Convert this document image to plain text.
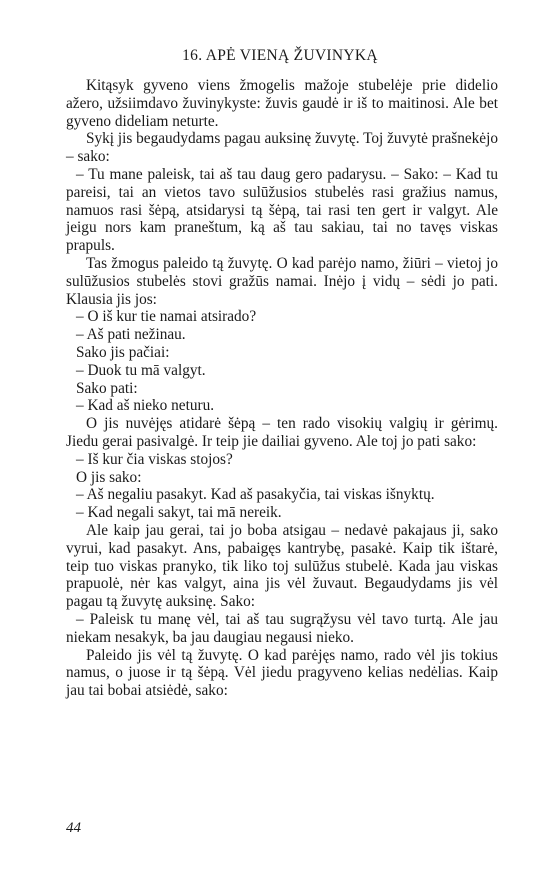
16. APĖ VIENĄ ŽUVINYKĄ

Kitąsyk gyveno viens žmogelis mažoje stubelėje prie didelio ažero, užsiimdavo žuvinykyste: žuvis gaudė ir iš to maitinosi. Ale bet gyveno dideliam neturte.

Sykį jis begaudydams pagau auksinę žuvytę. Toj žuvytė prašnekėjo – sako:

– Tu mane paleisk, tai aš tau daug gero padarysu. – Sako: – Kad tu pareisi, tai an vietos tavo sulūžusios stubelės rasi gražius namus, namuos rasi šėpą, atsidarysi tą šėpą, tai rasi ten gert ir valgyt. Ale jeigu nors kam praneštum, ką aš tau sakiau, tai no tavęs viskas prapuls.

Tas žmogus paleido tą žuvytę. O kad parėjo namo, žiūri – vietoj jo sulūžusios stubelės stovi gražūs namai. Inėjo į vidų – sėdi jo pati. Klausia jis jos:

– O iš kur tie namai atsirado?

– Aš pati nežinau.

Sako jis pačiai:

– Duok tu mā valgyt.

Sako pati:

– Kad aš nieko neturu.

O jis nuvėjęs atidarė šėpą – ten rado visokių valgių ir gėrimų. Jiedu gerai pasivalgė. Ir teip jie dailiai gyveno. Ale toj jo pati sako:

– Iš kur čia viskas stojos?

O jis sako:

– Aš negaliu pasakyt. Kad aš pasakyčia, tai viskas išnyktų.

– Kad negali sakyt, tai mā nereik.

Ale kaip jau gerai, tai jo boba atsigau – nedavė pakajaus ji, sako vyrui, kad pasakyt. Ans, pabaigęs kantrybę, pasakė. Kaip tik ištarė, teip tuo viskas pranyko, tik liko toj sulūžus stubelė. Kada jau viskas prapuolė, nėr kas valgyt, aina jis vėl žuvaut. Begaudydams jis vėl pagau tą žuvytę auksinę. Sako:

– Paleisk tu manę vėl, tai aš tau sugrąžysu vėl tavo turtą. Ale jau niekam nesakyk, ba jau daugiau negausi nieko.

Paleido jis vėl tą žuvytę. O kad parėjęs namo, rado vėl jis tokius namus, o juose ir tą šėpą. Vėl jiedu pragyveno kelias nedėlias. Kaip jau tai bobai atsiėdė, sako:

44
